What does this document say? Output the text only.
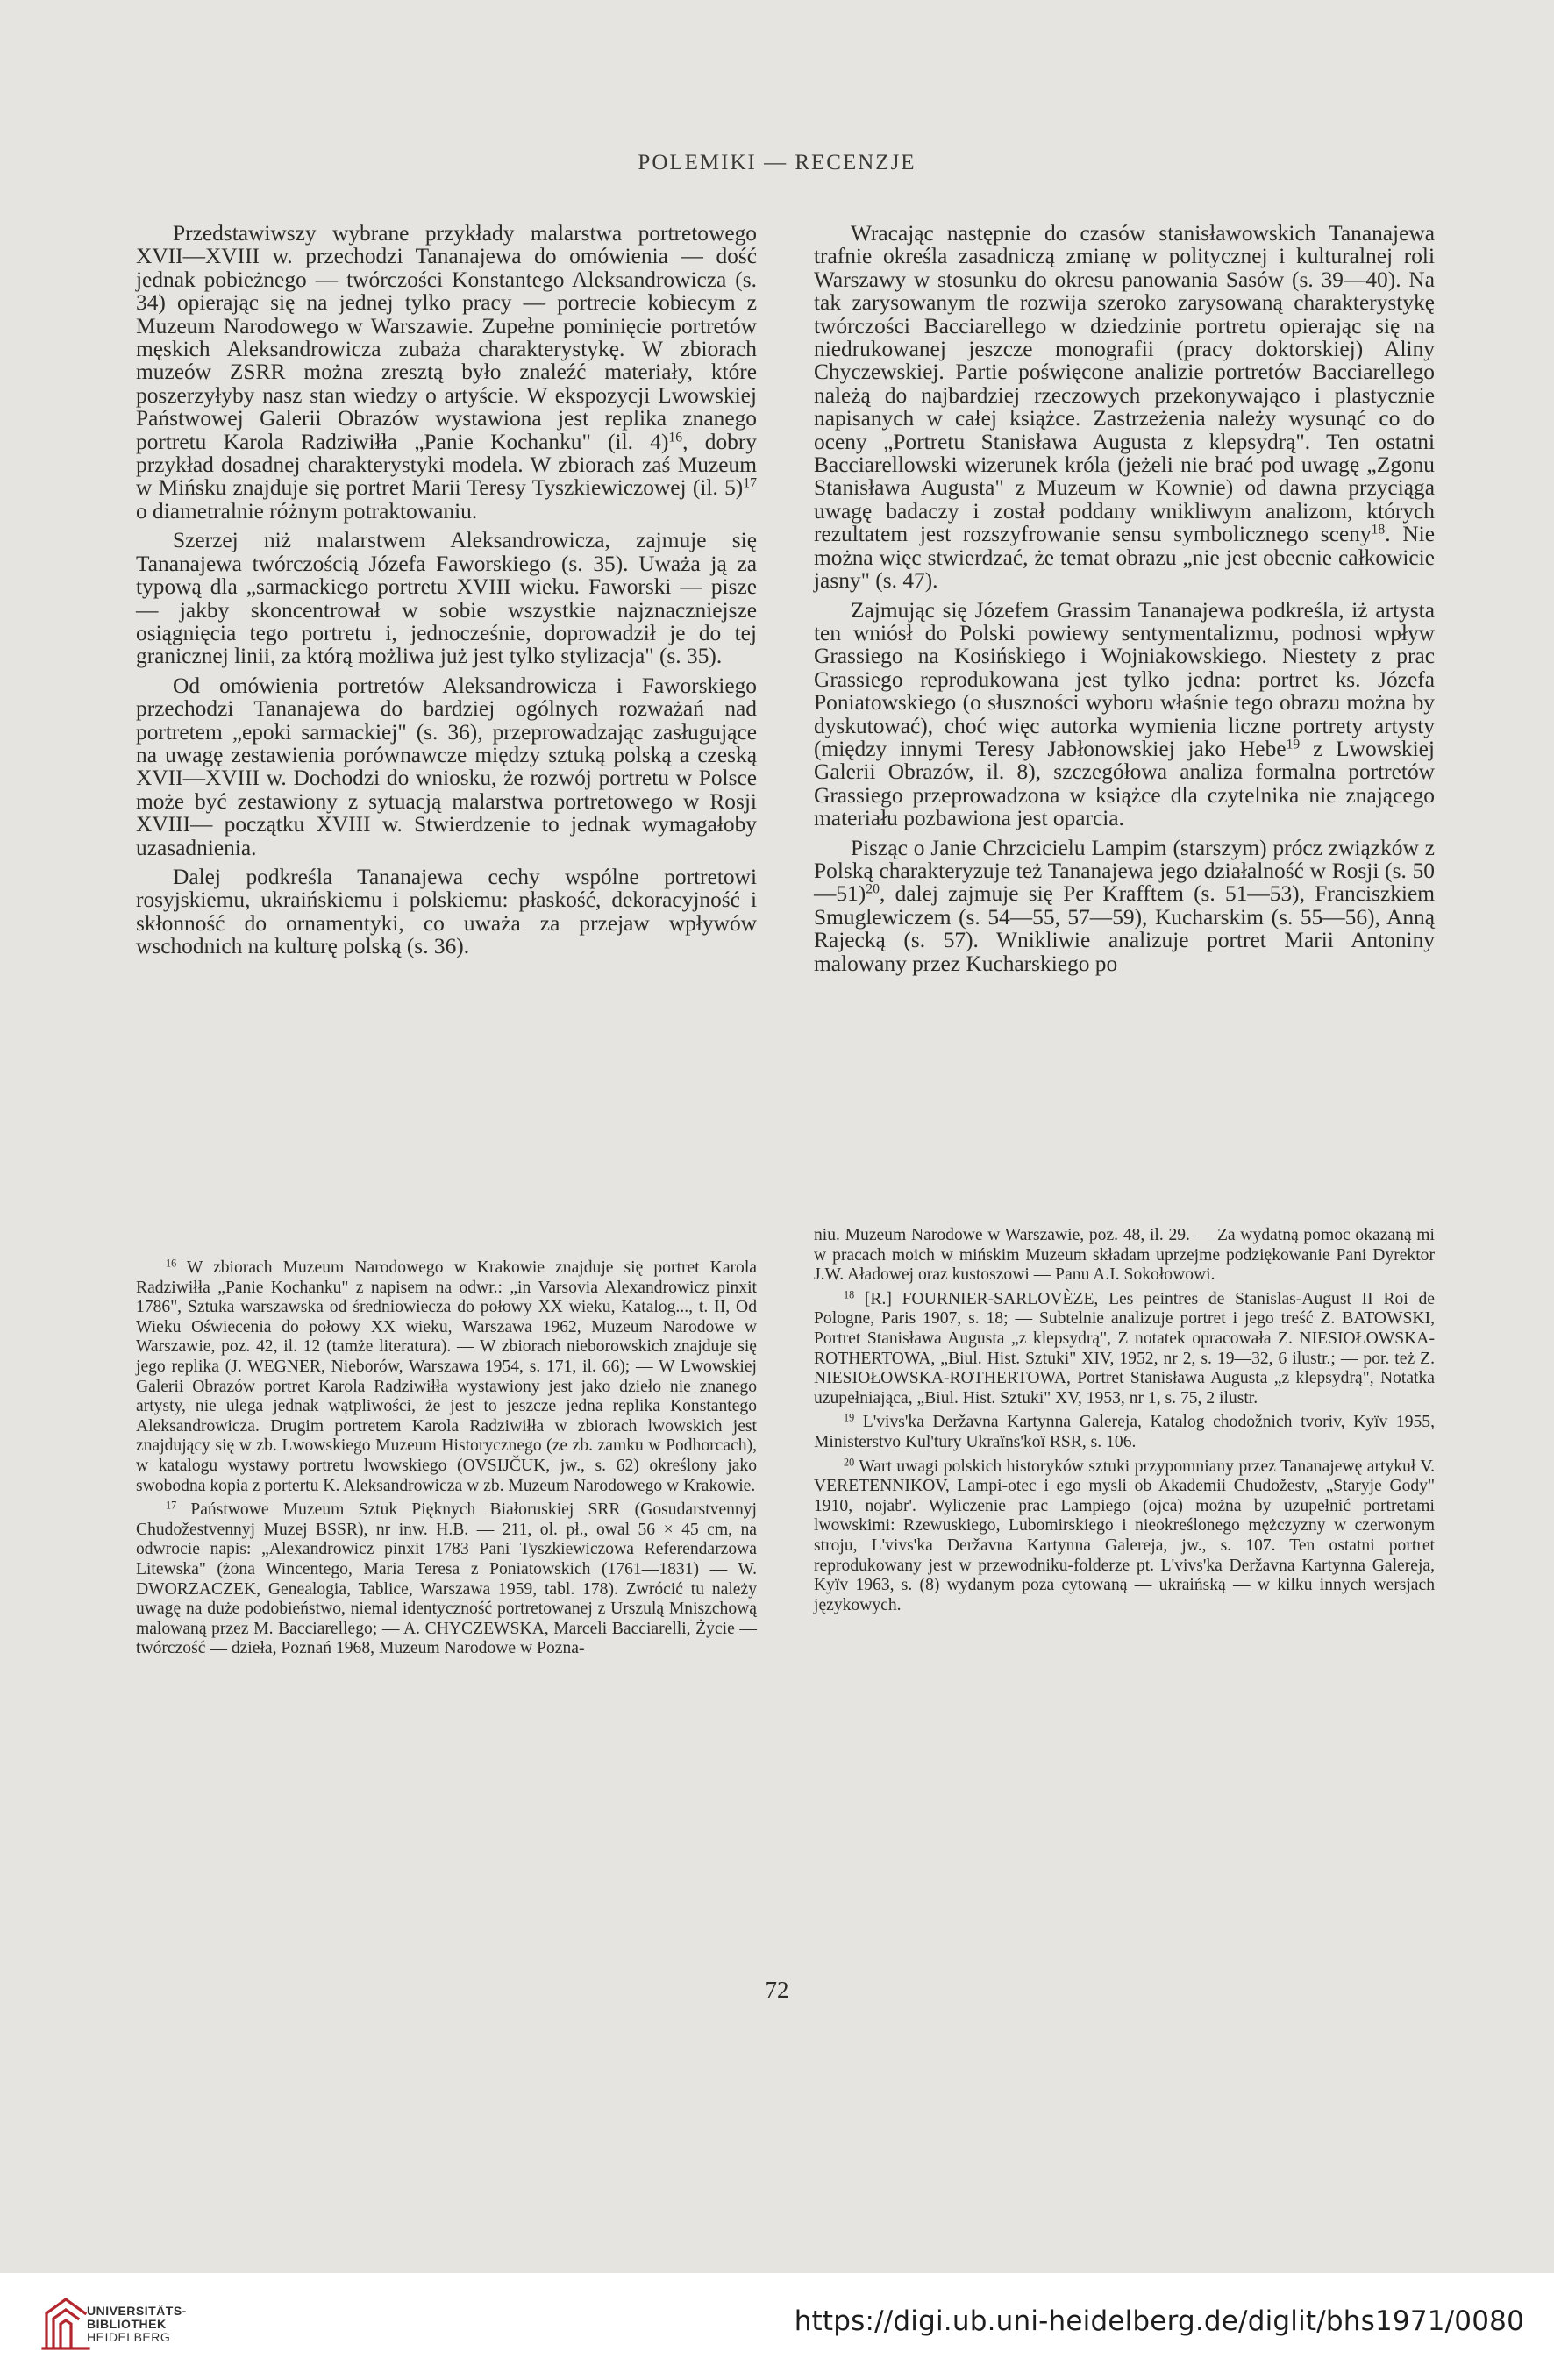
POLEMIKI — RECENZJE

Przedstawiwszy wybrane przykłady malarstwa portretowego XVII—XVIII w. przechodzi Tananajewa do omówienia — dość jednak pobieżnego — twórczości Konstantego Aleksandrowicza (s. 34) opierając się na jednej tylko pracy — portrecie kobiecym z Muzeum Narodowego w Warszawie. Zupełne pominięcie portretów męskich Aleksandrowicza zubaża charakterystykę. W zbiorach muzeów ZSRR można zresztą było znaleźć materiały, które poszerzyłyby nasz stan wiedzy o artyście. W ekspozycji Lwowskiej Państwowej Galerii Obrazów wystawiona jest replika znanego portretu Karola Radziwiłła „Panie Kochanku" (il. 4)$^{16}$, dobry przykład dosadnej charakterystyki modela. W zbiorach zaś Muzeum w Mińsku znajduje się portret Marii Teresy Tyszkiewiczowej (il. 5)$^{17}$ o diametralnie różnym potraktowaniu.

Szerzej niż malarstwem Aleksandrowicza, zajmuje się Tananajewa twórczością Józefa Faworskiego (s. 35). Uważa ją za typową dla „sarmackiego portretu XVIII wieku. Faworski — pisze — jakby skoncentrował w sobie wszystkie najznaczniejsze osiągnięcia tego portretu i, jednocześnie, doprowadził je do tej granicznej linii, za którą możliwa już jest tylko stylizacja" (s. 35).

Od omówienia portretów Aleksandrowicza i Faworskiego przechodzi Tananajewa do bardziej ogólnych rozważań nad portretem „epoki sarmackiej" (s. 36), przeprowadzając zasługujące na uwagę zestawienia porównawcze między sztuką polską a czeską XVII—XVIII w. Dochodzi do wniosku, że rozwój portretu w Polsce może być zestawiony z sytuacją malarstwa portretowego w Rosji XVIII— początku XVIII w. Stwierdzenie to jednak wymagałoby uzasadnienia.

Dalej podkreśla Tananajewa cechy wspólne portretowi rosyjskiemu, ukraińskiemu i polskiemu: płaskość, dekoracyjność i skłonność do ornamentyki, co uważa za przejaw wpływów wschodnich na kulturę polską (s. 36).

Wracając następnie do czasów stanisławowskich Tananajewa trafnie określa zasadniczą zmianę w politycznej i kulturalnej roli Warszawy w stosunku do okresu panowania Sasów (s. 39—40). Na tak zarysowanym tle rozwija szeroko zarysowaną charakterystykę twórczości Bacciarellego w dziedzinie portretu opierając się na niedrukowanej jeszcze monografii (pracy doktorskiej) Aliny Chyczewskiej. Partie poświęcone analizie portretów Bacciarellego należą do najbardziej rzeczowych przekonywająco i plastycznie napisanych w całej książce. Zastrzeżenia należy wysunąć co do oceny „Portretu Stanisława Augusta z klepsydrą". Ten ostatni Bacciarellowski wizerunek króla (jeżeli nie brać pod uwagę „Zgonu Stanisława Augusta" z Muzeum w Kownie) od dawna przyciąga uwagę badaczy i został poddany wnikliwym analizom, których rezultatem jest rozszyfrowanie sensu symbolicznego sceny$^{18}$. Nie można więc stwierdzać, że temat obrazu „nie jest obecnie całkowicie jasny" (s. 47).

Zajmując się Józefem Grassim Tananajewa podkreśla, iż artysta ten wniósł do Polski powiewy sentymentalizmu, podnosi wpływ Grassiego na Kosińskiego i Wojniakowskiego. Niestety z prac Grassiego reprodukowana jest tylko jedna: portret ks. Józefa Poniatowskiego (o słuszności wyboru właśnie tego obrazu można by dyskutować), choć więc autorka wymienia liczne portrety artysty (między innymi Teresy Jabłonowskiej jako Hebe$^{19}$ z Lwowskiej Galerii Obrazów, il. 8), szczegółowa analiza formalna portretów Grassiego przeprowadzona w książce dla czytelnika nie znającego materiału pozbawiona jest oparcia.

Pisząc o Janie Chrzcicielu Lampim (starszym) prócz związków z Polską charakteryzuje też Tananajewa jego działalność w Rosji (s. 50—51)$^{20}$, dalej zajmuje się Per Krafftem (s. 51—53), Franciszkiem Smuglewiczem (s. 54—55, 57—59), Kucharskim (s. 55—56), Anną Rajecką (s. 57). Wnikliwie analizuje portret Marii Antoniny malowany przez Kucharskiego po

$^{16}$ W zbiorach Muzeum Narodowego w Krakowie znajduje się portret Karola Radziwiłła „Panie Kochanku" z napisem na odwr.: „in Varsovia Alexandrowicz pinxit 1786", Sztuka warszawska od średniowiecza do połowy XX wieku, Katalog..., t. II, Od Wieku Oświecenia do połowy XX wieku, Warszawa 1962, Muzeum Narodowe w Warszawie, poz. 42, il. 12 (tamże literatura). — W zbiorach nieborowskich znajduje się jego replika (J. WEGNER, Nieborów, Warszawa 1954, s. 171, il. 66); — W Lwowskiej Galerii Obrazów portret Karola Radziwiłła wystawiony jest jako dzieło nie znanego artysty, nie ulega jednak wątpliwości, że jest to jeszcze jedna replika Konstantego Aleksandrowicza. Drugim portretem Karola Radziwiłła w zbiorach lwowskich jest znajdujący się w zb. Lwowskiego Muzeum Historycznego (ze zb. zamku w Podhorcach), w katalogu wystawy portretu lwowskiego (OVSIJČUK, jw., s. 62) określony jako swobodna kopia z portertu K. Aleksandrowicza w zb. Muzeum Narodowego w Krakowie.

$^{17}$ Państwowe Muzeum Sztuk Pięknych Białoruskiej SRR (Gosudarstvennyj Chudožestvennyj Muzej BSSR), nr inw. H.B. — 211, ol. pł., owal 56 × 45 cm, na odwrocie napis: „Alexandrowicz pinxit 1783 Pani Tyszkiewiczowa Referendarzowa Litewska" (żona Wincentego, Maria Teresa z Poniatowskich (1761—1831) — W. DWORZACZEK, Genealogia, Tablice, Warszawa 1959, tabl. 178). Zwrócić tu należy uwagę na duże podobieństwo, niemal identyczność portretowanej z Urszulą Mniszchową malowaną przez M. Bacciarellego; — A. CHYCZEWSKA, Marceli Bacciarelli, Życie — twórczość — dzieła, Poznań 1968, Muzeum Narodowe w Pozna-

niu. Muzeum Narodowe w Warszawie, poz. 48, il. 29. — Za wydatną pomoc okazaną mi w pracach moich w mińskim Muzeum składam uprzejme podziękowanie Pani Dyrektor J.W. Aładowej oraz kustoszowi — Panu A.I. Sokołowowi.

$^{18}$ [R.] FOURNIER-SARLOVÈZE, Les peintres de Stanislas-August II Roi de Pologne, Paris 1907, s. 18; — Subtelnie analizuje portret i jego treść Z. BATOWSKI, Portret Stanisława Augusta „z klepsydrą", Z notatek opracowała Z. NIESIOŁOWSKA-ROTHERTOWA, „Biul. Hist. Sztuki" XIV, 1952, nr 2, s. 19—32, 6 ilustr.; — por. też Z. NIESIOŁOWSKA-ROTHERTOWA, Portret Stanisława Augusta „z klepsydrą", Notatka uzupełniająca, „Biul. Hist. Sztuki" XV, 1953, nr 1, s. 75, 2 ilustr.

$^{19}$ L'vivs'ka Deržavna Kartynna Galereja, Katalog chodožnich tvoriv, Kyïv 1955, Ministerstvo Kul'tury Ukraïns'koï RSR, s. 106.

$^{20}$ Wart uwagi polskich historyków sztuki przypomniany przez Tananajewę artykuł V. VERETENNIKOV, Lampi-otec i ego mysli ob Akademii Chudožestv, „Staryje Gody" 1910, nojabr'. Wyliczenie prac Lampiego (ojca) można by uzupełnić portretami lwowskimi: Rzewuskiego, Lubomirskiego i nieokreślonego mężczyzny w czerwonym stroju, L'vivs'ka Deržavna Kartynna Galereja, jw., s. 107. Ten ostatni portret reprodukowany jest w przewodniku-folderze pt. L'vivs'ka Deržavna Kartynna Galereja, Kyïv 1963, s. (8) wydanym poza cytowaną — ukraińską — w kilku innych wersjach językowych.

72
UNIVERSITÄTS-
BIBLIOTHEK
HEIDELBERG	https://digi.ub.uni-heidelberg.de/diglit/bhs1971/0080
